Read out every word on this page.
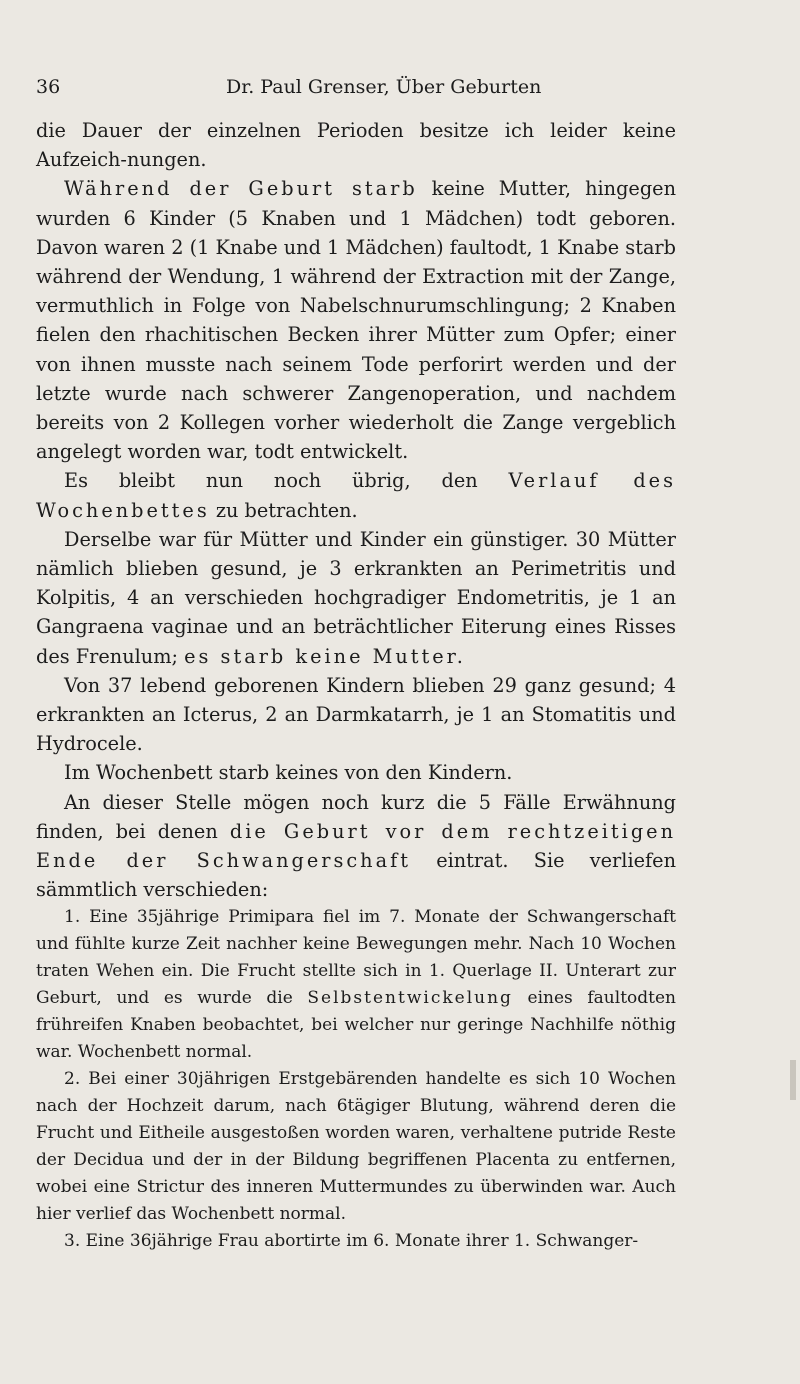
36	Dr. Paul Grenser, Über Geburten

die Dauer der einzelnen Perioden besitze ich leider keine Aufzeich-nungen.

Während der Geburt starb keine Mutter, hingegen wurden 6 Kinder (5 Knaben und 1 Mädchen) todt geboren. Davon waren 2 (1 Knabe und 1 Mädchen) faultodt, 1 Knabe starb während der Wendung, 1 während der Extraction mit der Zange, vermuthlich in Folge von Nabelschnurumschlingung; 2 Knaben fielen den rhachitischen Becken ihrer Mütter zum Opfer; einer von ihnen musste nach seinem Tode perforirt werden und der letzte wurde nach schwerer Zangenoperation, und nachdem bereits von 2 Kollegen vorher wiederholt die Zange vergeblich angelegt worden war, todt entwickelt.

Es bleibt nun noch übrig, den Verlauf des Wochenbettes zu betrachten.

Derselbe war für Mütter und Kinder ein günstiger. 30 Mütter nämlich blieben gesund, je 3 erkrankten an Perimetritis und Kolpitis, 4 an verschieden hochgradiger Endometritis, je 1 an Gangraena vaginae und an beträchtlicher Eiterung eines Risses des Frenulum; es starb keine Mutter.

Von 37 lebend geborenen Kindern blieben 29 ganz gesund; 4 erkrankten an Icterus, 2 an Darmkatarrh, je 1 an Stomatitis und Hydrocele.

Im Wochenbett starb keines von den Kindern.

An dieser Stelle mögen noch kurz die 5 Fälle Erwähnung finden, bei denen die Geburt vor dem rechtzeitigen Ende der Schwangerschaft eintrat. Sie verliefen sämmtlich verschieden:

1. Eine 35jährige Primipara fiel im 7. Monate der Schwangerschaft und fühlte kurze Zeit nachher keine Bewegungen mehr. Nach 10 Wochen traten Wehen ein. Die Frucht stellte sich in 1. Querlage II. Unterart zur Geburt, und es wurde die Selbstentwickelung eines faultodten frühreifen Knaben beobachtet, bei welcher nur geringe Nachhilfe nöthig war. Wochenbett normal.

2. Bei einer 30jährigen Erstgebärenden handelte es sich 10 Wochen nach der Hochzeit darum, nach 6tägiger Blutung, während deren die Frucht und Eitheile ausgestoßen worden waren, verhaltene putride Reste der Decidua und der in der Bildung begriffenen Placenta zu entfernen, wobei eine Strictur des inneren Muttermundes zu überwinden war. Auch hier verlief das Wochenbett normal.

3. Eine 36jährige Frau abortirte im 6. Monate ihrer 1. Schwanger-
